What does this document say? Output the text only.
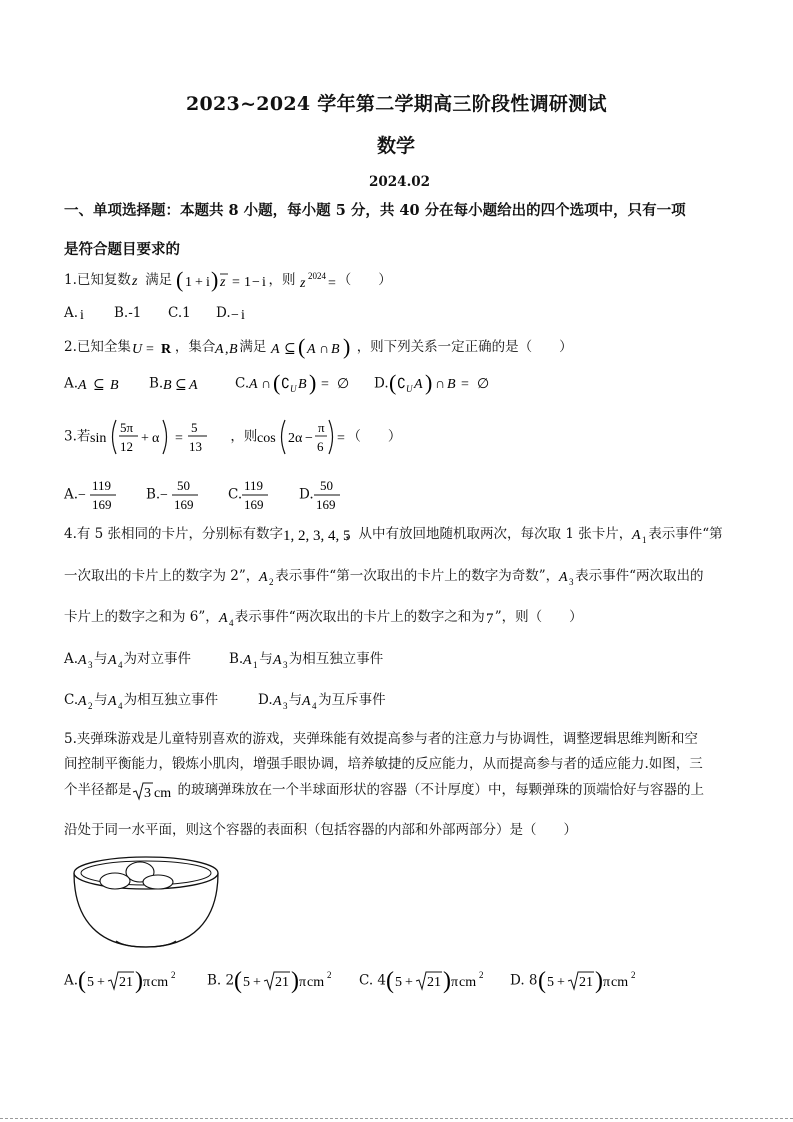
2023~2024 学年第二学期高三阶段性调研测试
数学
2024.02
一、单项选择题：本题共 8 小题，每小题 5 分，共 40 分在每小题给出的四个选项中，只有一项
是符合题目要求的
1.已知复数 z 满足 ( 1 + i ) z = 1 − i ，则 z 2024 = （　　）
A. i B.-1 C.1 D. − i
2.已知全集 U = R ，集合 A , B 满足 A ⊆ ( A ∩ B ) ，则下列关系一定正确的是（　　）
A. A ⊆ B B. B ⊆ A	C. A ∩ ( ∁ U B ) = ∅ D. ( ∁ U A ) ∩ B = ∅
3.若 sin
5π
12
+ α =
5
13
，则 cos 2α −
π
6
= （　　）
A. −
119
169
B. −
50
169
C.
119
169
D.
50
169
4.有 5 张相同的卡片，分别标有数字 1, 2, 3, 4, 5
，从中有放回地随机取两次，每次取 1 张卡片， A 1 表示事件“第
一次取出的卡片上的数字为 2”， A 2 表示事件“第一次取出的卡片上的数字为奇数”， A 3 表示事件“两次取出的
卡片上的数字之和为 6”， A 4 表示事件“两次取出的卡片上的数字之和为 7 ”，则（　　）
A. A 3 与 A 4 为对立事件	B. A 1 与 A 3 为相互独立事件
C. A 2 与 A 4 为相互独立事件	D. A 3 与 A 4 为互斥事件
5.夹弹珠游戏是儿童特别喜欢的游戏，夹弹珠能有效提高参与者的注意力与协调性，调整逻辑思维判断和空
间控制平衡能力，锻炼小肌肉，增强手眼协调，培养敏捷的反应能力，从而提高参与者的适应能力.如图，三
个半径都是 3 cm 的玻璃弹珠放在一个半球面形状的容器（不计厚度）中，每颗弹珠的顶端恰好与容器的上
沿处于同一水平面，则这个容器的表面积（包括容器的内部和外部两部分）是（　　）
A. ( 5 + 21 ) π cm 2 B. 2 ( 5 + 21 ) π cm 2 C. 4 ( 5 + 21 ) π cm 2 D. 8 ( 5 + 21 ) π cm 2
